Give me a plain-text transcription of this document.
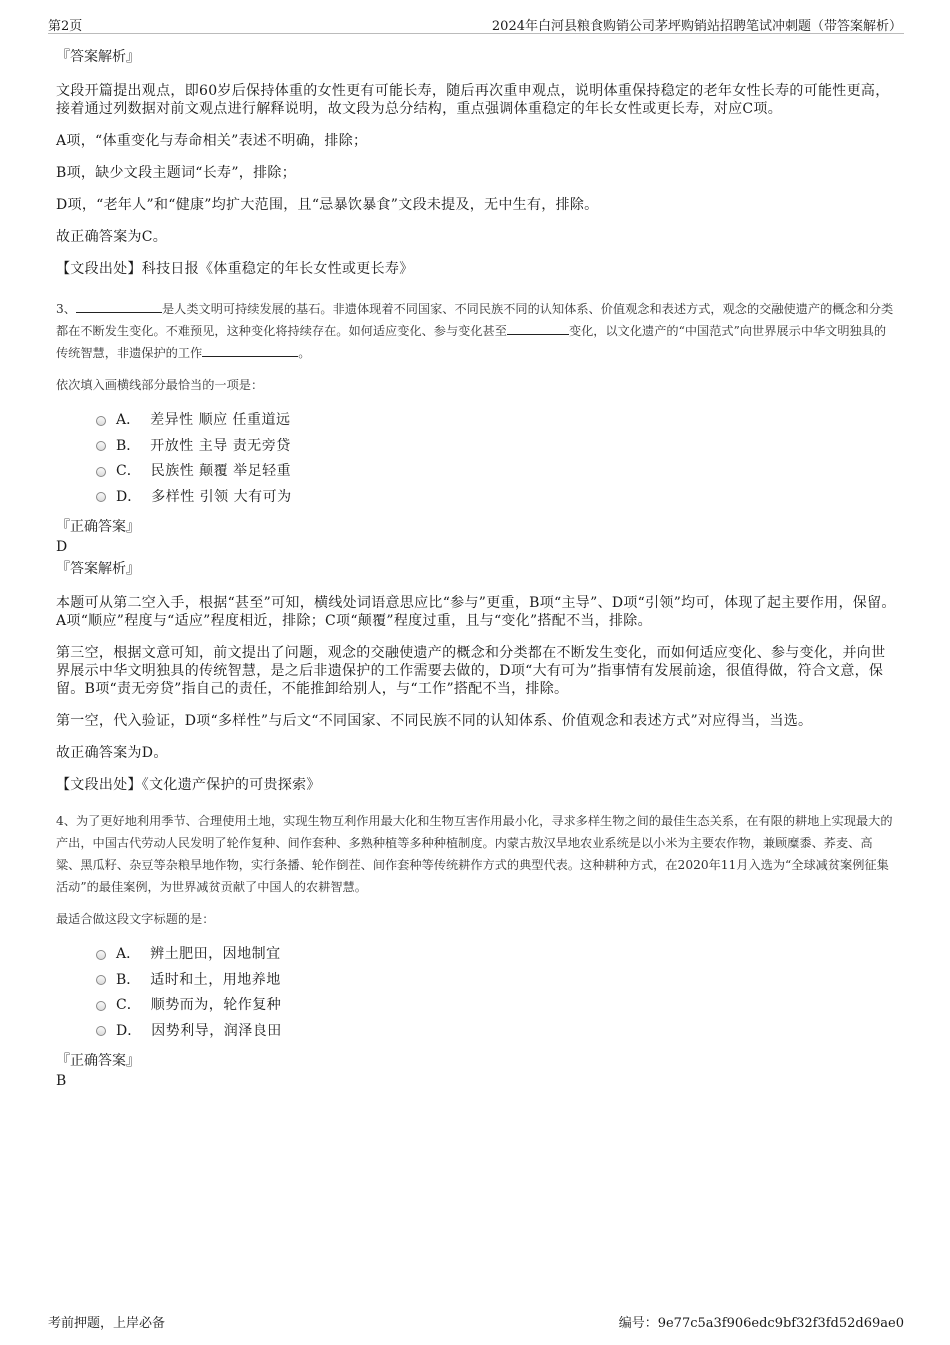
第2页	2024年白河县粮食购销公司茅坪购销站招聘笔试冲刺题（带答案解析）
『答案解析』
文段开篇提出观点，即60岁后保持体重的女性更有可能长寿，随后再次重申观点，说明体重保持稳定的老年女性长寿的可能性更高，接着通过列数据对前文观点进行解释说明，故文段为总分结构，重点强调体重稳定的年长女性或更长寿，对应C项。
A项，“体重变化与寿命相关”表述不明确，排除；
B项，缺少文段主题词“长寿”，排除；
D项，“老年人”和“健康”均扩大范围，且“忌暴饮暴食”文段未提及，无中生有，排除。
故正确答案为C。
【文段出处】科技日报《体重稳定的年长女性或更长寿》
3、	是人类文明可持续发展的基石。非遗体现着不同国家、不同民族不同的认知体系、价值观念和表述方式，观念的交融使遗产的概念和分类都在不断发生变化。不难预见，这种变化将持续存在。如何适应变化、参与变化甚至	变化，以文化遗产的“中国范式”向世界展示中华文明独具的传统智慧，非遗保护的工作	。
依次填入画横线部分最恰当的一项是：
A． 差异性 顺应 任重道远
B． 开放性 主导 责无旁贷
C． 民族性 颠覆 举足轻重
D． 多样性 引领 大有可为
『正确答案』
D
『答案解析』
本题可从第二空入手，根据“甚至”可知，横线处词语意思应比“参与”更重，B项“主导”、D项“引领”均可，体现了起主要作用，保留。A项“顺应”程度与“适应”程度相近，排除；C项“颠覆”程度过重，且与“变化”搭配不当，排除。
第三空，根据文意可知，前文提出了问题，观念的交融使遗产的概念和分类都在不断发生变化，而如何适应变化、参与变化，并向世界展示中华文明独具的传统智慧，是之后非遗保护的工作需要去做的，D项“大有可为”指事情有发展前途，很值得做，符合文意，保留。B项“责无旁贷”指自己的责任，不能推卸给别人，与“工作”搭配不当，排除。
第一空，代入验证，D项“多样性”与后文“不同国家、不同民族不同的认知体系、价值观念和表述方式”对应得当，当选。
故正确答案为D。
【文段出处】《文化遗产保护的可贵探索》
4、为了更好地利用季节、合理使用土地，实现生物互利作用最大化和生物互害作用最小化，寻求多样生物之间的最佳生态关系，在有限的耕地上实现最大的产出，中国古代劳动人民发明了轮作复种、间作套种、多熟种植等多种种植制度。内蒙古敖汉旱地农业系统是以小米为主要农作物，兼顾糜黍、荞麦、高粱、黑瓜籽、杂豆等杂粮旱地作物，实行条播、轮作倒茬、间作套种等传统耕作方式的典型代表。这种耕种方式，在2020年11月入选为“全球减贫案例征集活动”的最佳案例，为世界减贫贡献了中国人的农耕智慧。
最适合做这段文字标题的是：
A． 辨土肥田，因地制宜
B． 适时和土，用地养地
C． 顺势而为，轮作复种
D． 因势利导，润泽良田
『正确答案』
B
考前押题，上岸必备	编号：9e77c5a3f906edc9bf32f3fd52d69ae0
